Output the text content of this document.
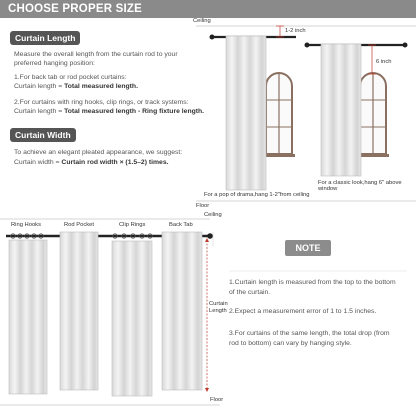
CHOOSE PROPER SIZE
Curtain Length
Measure the overall length from the curtain rod to your
preferred hanging position:
1.For back tab or rod pocket curtains:
Curtain length = Total measured length.
2.For curtains with ring hooks, clip rings, or track systems:
Curtain length = Total measured length - Ring fixture length.
Curtain Width
To achieve an elegant pleated appearance, we suggest:
Curtain width = Curtain rod width × (1.5–2) times.
Ceiling
1-2 inch
6 inch
For a classic look,hang 6" above window
For a pop of drama,hang 1-2"from ceiling
Floor
Ceiling
Ring Hooks	Rod Pocket	Clip Rings	Back Tab
Curtain
Length
Floor
NOTE
1.Curtain length is measured from the top to the bottom of the curtain.
2.Expect a measurement error of 1 to 1.5 inches.
3.For curtains of the same length, the total drop (from rod to bottom) can vary by hanging style.
